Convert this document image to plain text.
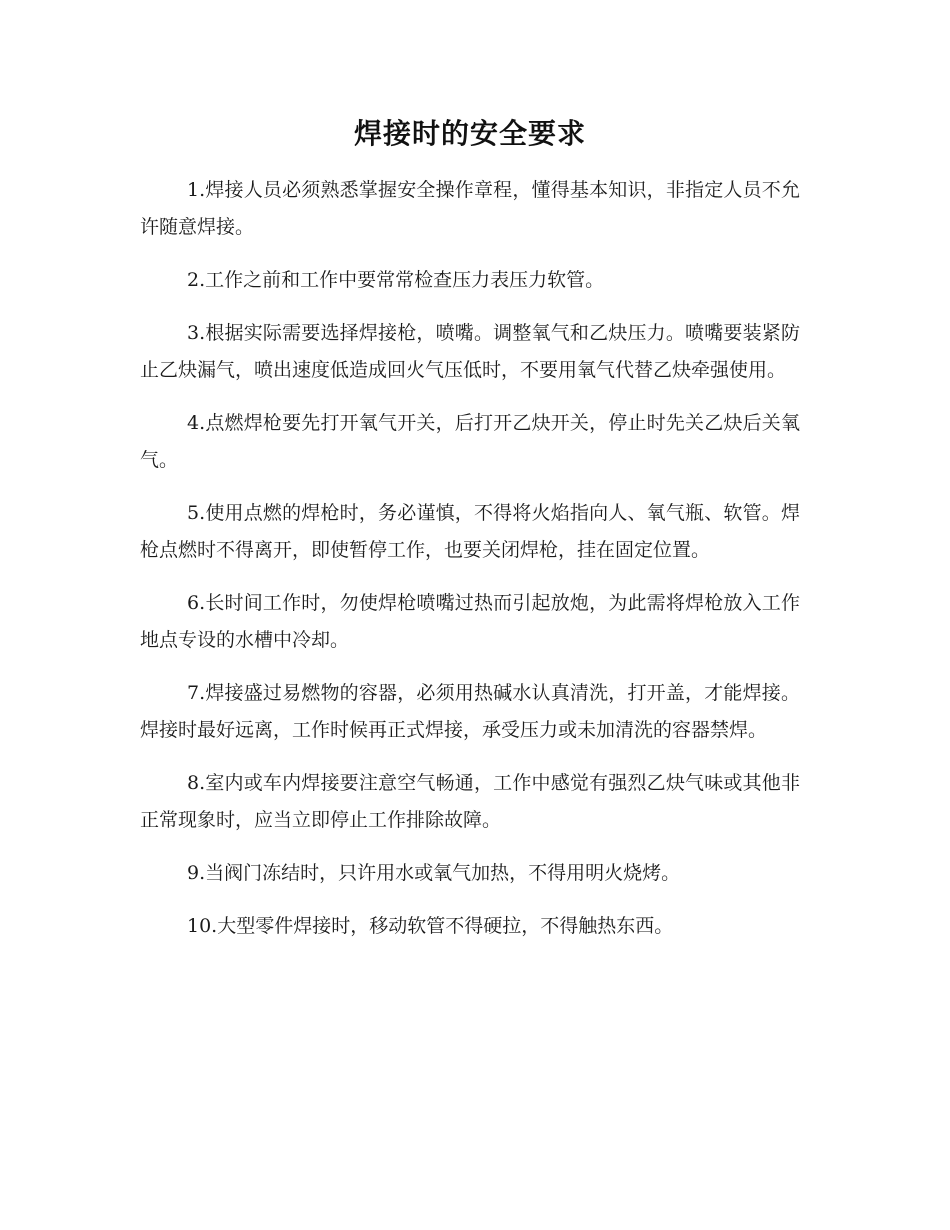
焊接时的安全要求

1.焊接人员必须熟悉掌握安全操作章程，懂得基本知识，非指定人员不允许随意焊接。

2.工作之前和工作中要常常检查压力表压力软管。

3.根据实际需要选择焊接枪，喷嘴。调整氧气和乙炔压力。喷嘴要装紧防止乙炔漏气，喷出速度低造成回火气压低时，不要用氧气代替乙炔牵强使用。

4.点燃焊枪要先打开氧气开关，后打开乙炔开关，停止时先关乙炔后关氧气。

5.使用点燃的焊枪时，务必谨慎，不得将火焰指向人、氧气瓶、软管。焊枪点燃时不得离开，即使暂停工作，也要关闭焊枪，挂在固定位置。

6.长时间工作时，勿使焊枪喷嘴过热而引起放炮，为此需将焊枪放入工作地点专设的水槽中冷却。

7.焊接盛过易燃物的容器，必须用热碱水认真清洗，打开盖，才能焊接。焊接时最好远离，工作时候再正式焊接，承受压力或未加清洗的容器禁焊。

8.室内或车内焊接要注意空气畅通，工作中感觉有强烈乙炔气味或其他非正常现象时，应当立即停止工作排除故障。

9.当阀门冻结时，只许用水或氧气加热，不得用明火烧烤。

10.大型零件焊接时，移动软管不得硬拉，不得触热东西。
